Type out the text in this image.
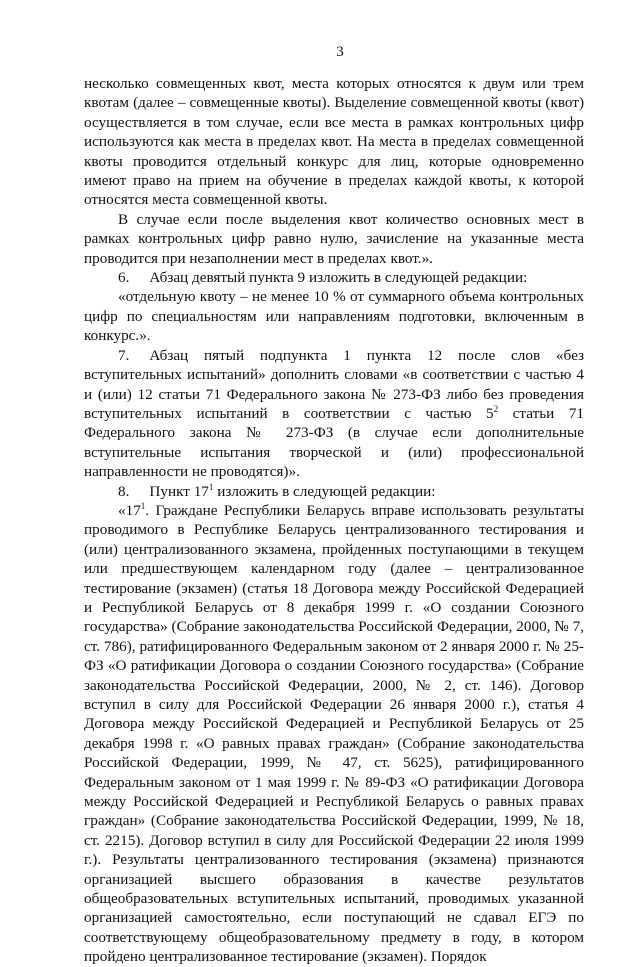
3

несколько совмещенных квот, места которых относятся к двум или трем квотам (далее – совмещенные квоты). Выделение совмещенной квоты (квот) осуществляется в том случае, если все места в рамках контрольных цифр используются как места в пределах квот. На места в пределах совмещенной квоты проводится отдельный конкурс для лиц, которые одновременно имеют право на прием на обучение в пределах каждой квоты, к которой относятся места совмещенной квоты.

В случае если после выделения квот количество основных мест в рамках контрольных цифр равно нулю, зачисление на указанные места проводится при незаполнении мест в пределах квот.».

6. Абзац девятый пункта 9 изложить в следующей редакции:

«отдельную квоту – не менее 10 % от суммарного объема контрольных цифр по специальностям или направлениям подготовки, включенным в конкурс.».

7. Абзац пятый подпункта 1 пункта 12 после слов «без вступительных испытаний» дополнить словами «в соответствии с частью 4 и (или) 12 статьи 71 Федерального закона № 273-ФЗ либо без проведения вступительных испытаний в соответствии с частью $5^2$ статьи 71 Федерального закона № 273-ФЗ (в случае если дополнительные вступительные испытания творческой и (или) профессиональной направленности не проводятся)».

8. Пункт $17^1$ изложить в следующей редакции:

«$17^1$. Граждане Республики Беларусь вправе использовать результаты проводимого в Республике Беларусь централизованного тестирования и (или) централизованного экзамена, пройденных поступающими в текущем или предшествующем календарном году (далее – централизованное тестирование (экзамен) (статья 18 Договора между Российской Федерацией и Республикой Беларусь от 8 декабря 1999 г. «О создании Союзного государства» (Собрание законодательства Российской Федерации, 2000, № 7, ст. 786), ратифицированного Федеральным законом от 2 января 2000 г. № 25-ФЗ «О ратификации Договора о создании Союзного государства» (Собрание законодательства Российской Федерации, 2000, № 2, ст. 146). Договор вступил в силу для Российской Федерации 26 января 2000 г.), статья 4 Договора между Российской Федерацией и Республикой Беларусь от 25 декабря 1998 г. «О равных правах граждан» (Собрание законодательства Российской Федерации, 1999, № 47, ст. 5625), ратифицированного Федеральным законом от 1 мая 1999 г. № 89-ФЗ «О ратификации Договора между Российской Федерацией и Республикой Беларусь о равных правах граждан» (Собрание законодательства Российской Федерации, 1999, № 18, ст. 2215). Договор вступил в силу для Российской Федерации 22 июля 1999 г.). Результаты централизованного тестирования (экзамена) признаются организацией высшего образования в качестве результатов общеобразовательных вступительных испытаний, проводимых указанной организацией самостоятельно, если поступающий не сдавал ЕГЭ по соответствующему общеобразовательному предмету в году, в котором пройдено централизованное тестирование (экзамен). Порядок
